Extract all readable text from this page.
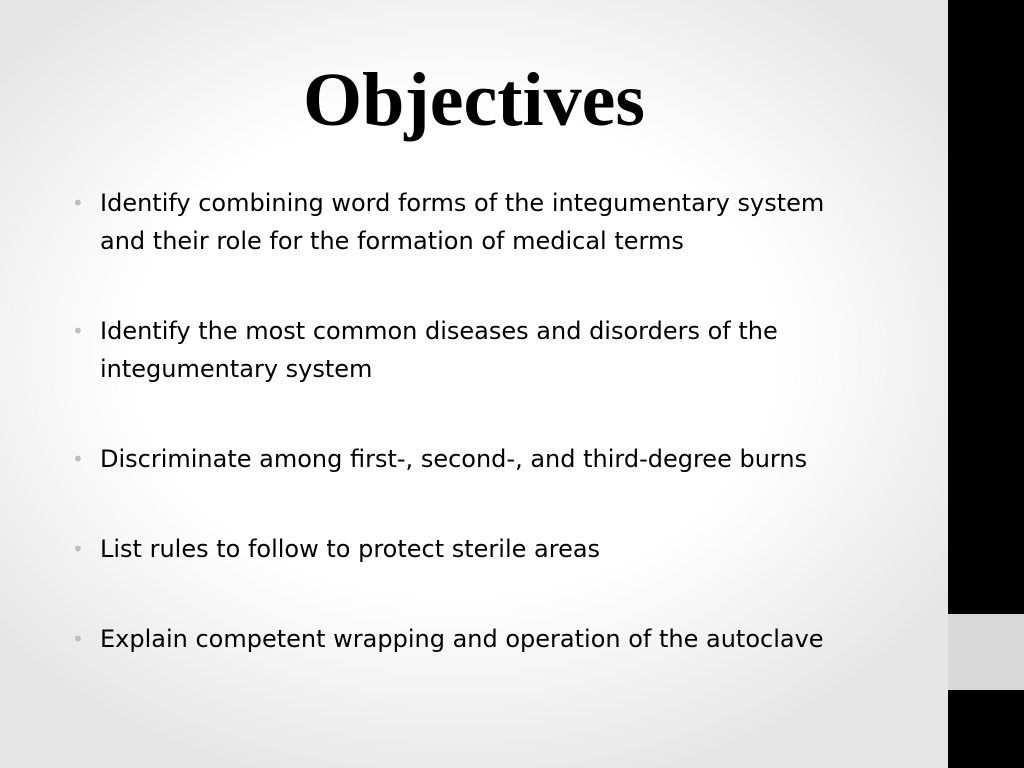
Objectives
• Identify combining word forms of the integumentary system and their role for the formation of medical terms
• Identify the most common diseases and disorders of the integumentary system
• Discriminate among first-, second-, and third-degree burns
• List rules to follow to protect sterile areas
• Explain competent wrapping and operation of the autoclave
